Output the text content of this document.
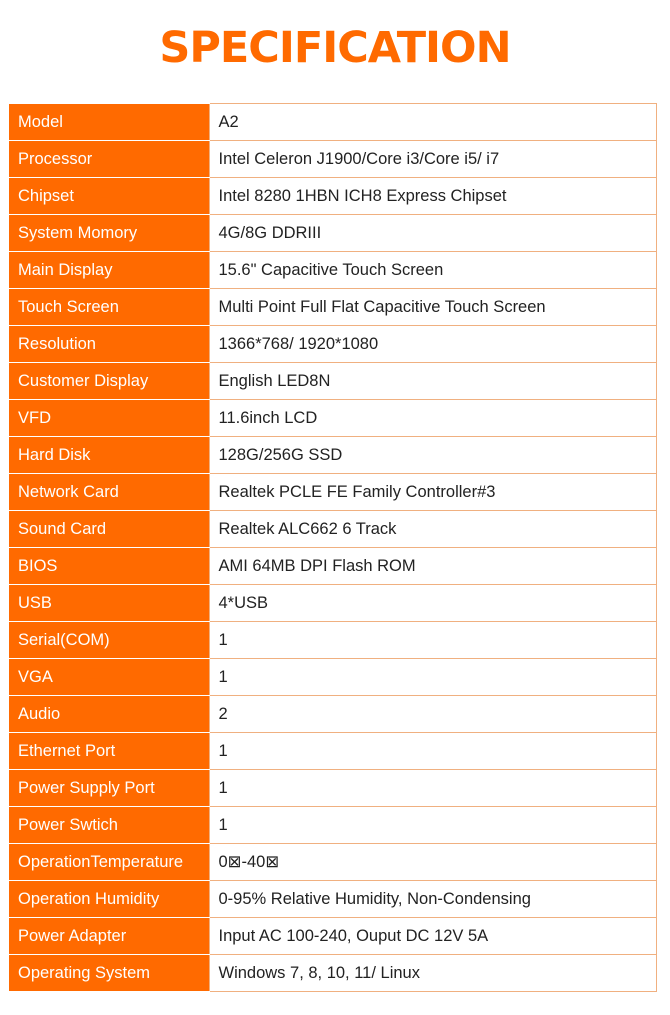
SPECIFICATION
Model	A2
Processor	Intel Celeron J1900/Core i3/Core i5/ i7
Chipset	Intel 8280 1HBN ICH8 Express Chipset
System Momory	4G/8G DDRIII
Main Display	15.6" Capacitive Touch Screen
Touch Screen	Multi Point Full Flat Capacitive Touch Screen
Resolution	1366*768/ 1920*1080
Customer Display	English LED8N
VFD	11.6inch LCD
Hard Disk	128G/256G SSD
Network Card	Realtek PCLE FE Family Controller#3
Sound Card	Realtek ALC662 6 Track
BIOS	AMI 64MB DPI Flash ROM
USB	4*USB
Serial(COM)	1
VGA	1
Audio	2
Ethernet Port	1
Power Supply Port	1
Power Swtich	1
OperationTemperature	0⊠-40⊠
Operation Humidity	0-95% Relative Humidity, Non-Condensing
Power Adapter	Input AC 100-240, Ouput DC 12V 5A
Operating System	Windows 7, 8, 10, 11/ Linux
